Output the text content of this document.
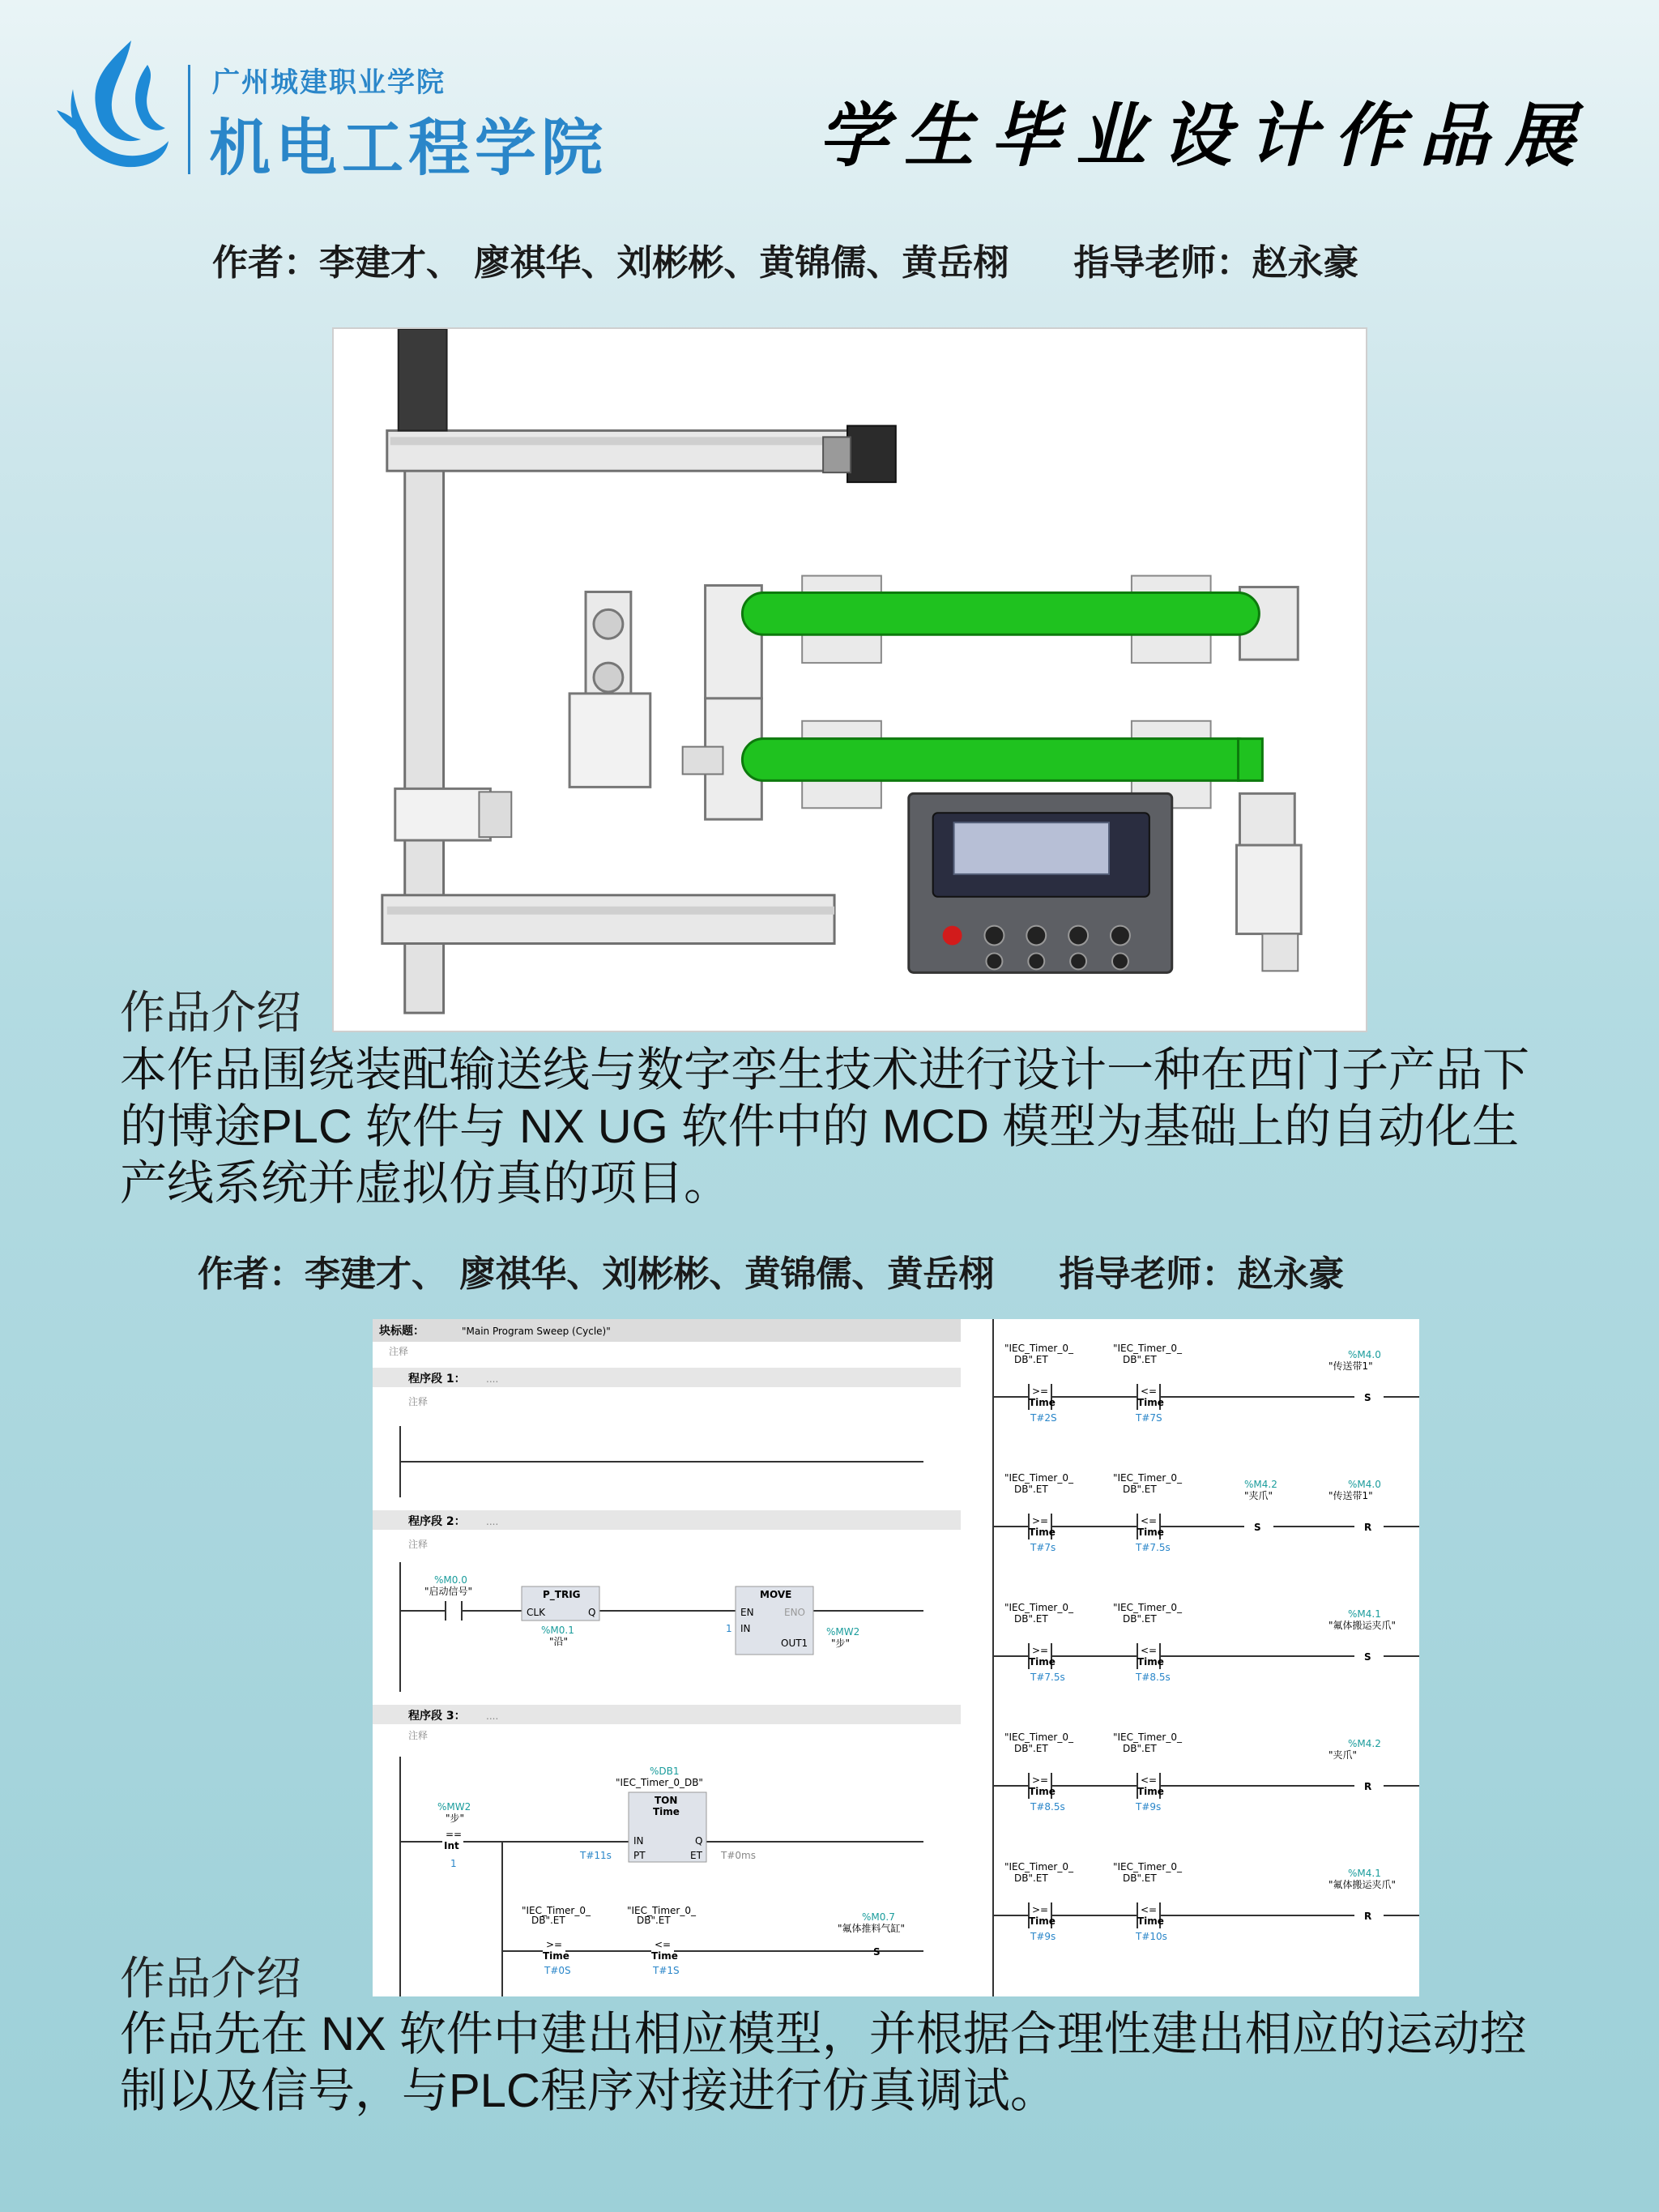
广州城建职业学院
机电工程学院	学生毕业设计作品展
作者：李建才、 廖祺华、刘彬彬、黄锦儒、黄岳栩 指导老师：赵永豪
作品介绍
本作品围绕装配输送线与数字孪生技术进行设计一种在西门子产品下的博途PLC 软件与 NX UG 软件中的 MCD 模型为基础上的自动化生产线系统并虚拟仿真的项目。
作者：李建才、 廖祺华、刘彬彬、黄锦儒、黄岳栩 指导老师：赵永豪
块标题：	"Main Program Sweep (Cycle)"
注释
程序段 1： ....
注释
程序段 2： ....
注释
%M0.0
"启动信号"	P_TRIG
CLK	Q
%M0.1
"沿"
MOVE
EN	ENO
IN
1
OUT1
%MW2
"步"
程序段 3： ....
注释
%MW2
"步"
==
Int
1
%DB1
"IEC_Timer_0_DB"
TON
Time
IN
PT
Q
ET
T#11s	T#0ms
"IEC_Timer_0_
DB".ET
"IEC_Timer_0_
DB".ET
>=
Time
<=
Time
T#0S	T#1S
%M0.7
"氟体推料气缸"
S
"IEC_Timer_0_
DB".ET
"IEC_Timer_0_
DB".ET
>=
Time
<=
Time
T#2S	T#7S
%M4.0
"传送带1"
S
"IEC_Timer_0_
DB".ET
"IEC_Timer_0_
DB".ET
>=
Time
<=
Time
T#7s	T#7.5s
%M4.2
"夹爪"
S
%M4.0
"传送带1"
R
"IEC_Timer_0_
DB".ET
"IEC_Timer_0_
DB".ET
>=
Time
<=
Time
T#7.5s	T#8.5s
%M4.1
"氟体搬运夹爪"
S
"IEC_Timer_0_
DB".ET
"IEC_Timer_0_
DB".ET
>=
Time
<=
Time
T#8.5s	T#9s
%M4.2
"夹爪"
R
"IEC_Timer_0_
DB".ET
"IEC_Timer_0_
DB".ET
>=
Time
<=
Time
T#9s	T#10s
%M4.1
"氟体搬运夹爪"
R
作品介绍
作品先在 NX 软件中建出相应模型，并根据合理性建出相应的运动控制以及信号，与PLC程序对接进行仿真调试。
